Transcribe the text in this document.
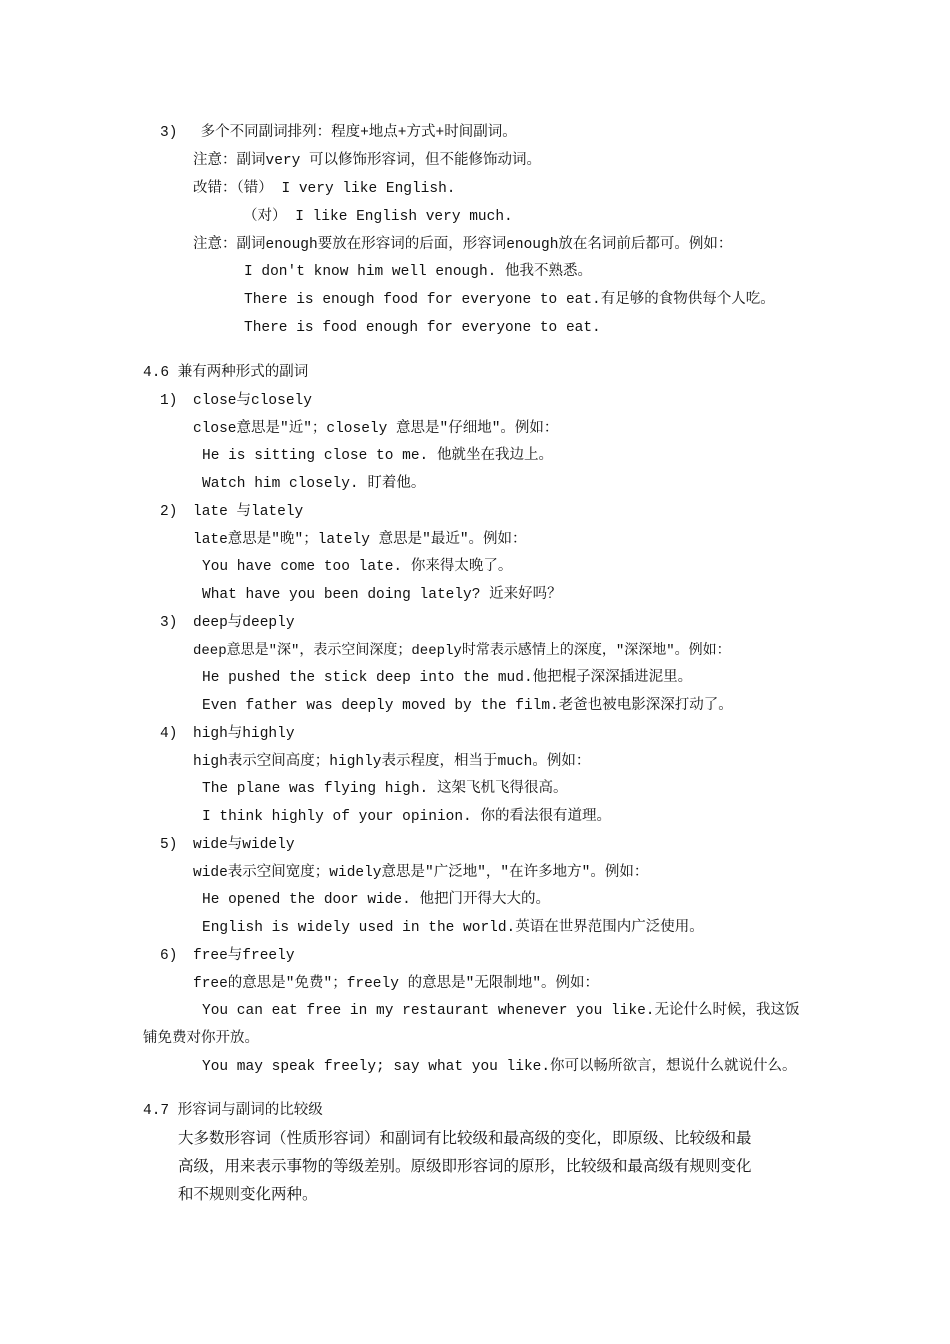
3)　 多个不同副词排列：程度+地点+方式+时间副词。
注意：副词very 可以修饰形容词，但不能修饰动词。
改错：（错） I very like English.
（对） I like English very much.
注意：副词enough要放在形容词的后面，形容词enough放在名词前后都可。例如：
I don't know him well enough. 他我不熟悉。
There is enough food for everyone to eat.有足够的食物供每个人吃。
There is food enough for everyone to eat.
4.6 兼有两种形式的副词
1) close与closely
close意思是"近"；closely 意思是"仔细地"。例如：
He is sitting close to me. 他就坐在我边上。
Watch him closely. 盯着他。
2) late 与lately
late意思是"晚"；lately 意思是"最近"。例如：
You have come too late. 你来得太晚了。
What have you been doing lately? 近来好吗？
3) deep与deeply
deep意思是"深"，表示空间深度；deeply时常表示感情上的深度，"深深地"。例如：
He pushed the stick deep into the mud.他把棍子深深插进泥里。
Even father was deeply moved by the film.老爸也被电影深深打动了。
4) high与highly
high表示空间高度；highly表示程度，相当于much。例如：
The plane was flying high. 这架飞机飞得很高。
I think highly of your opinion. 你的看法很有道理。
5) wide与widely
wide表示空间宽度；widely意思是"广泛地"，"在许多地方"。例如：
He opened the door wide. 他把门开得大大的。
English is widely used in the world.英语在世界范围内广泛使用。
6) free与freely
free的意思是"免费"；freely 的意思是"无限制地"。例如：
You can eat free in my restaurant whenever you like.无论什么时候，我这饭
铺免费对你开放。
You may speak freely; say what you like.你可以畅所欲言，想说什么就说什么。
4.7 形容词与副词的比较级
大多数形容词（性质形容词）和副词有比较级和最高级的变化，即原级、比较级和最
高级，用来表示事物的等级差别。原级即形容词的原形，比较级和最高级有规则变化
和不规则变化两种。
